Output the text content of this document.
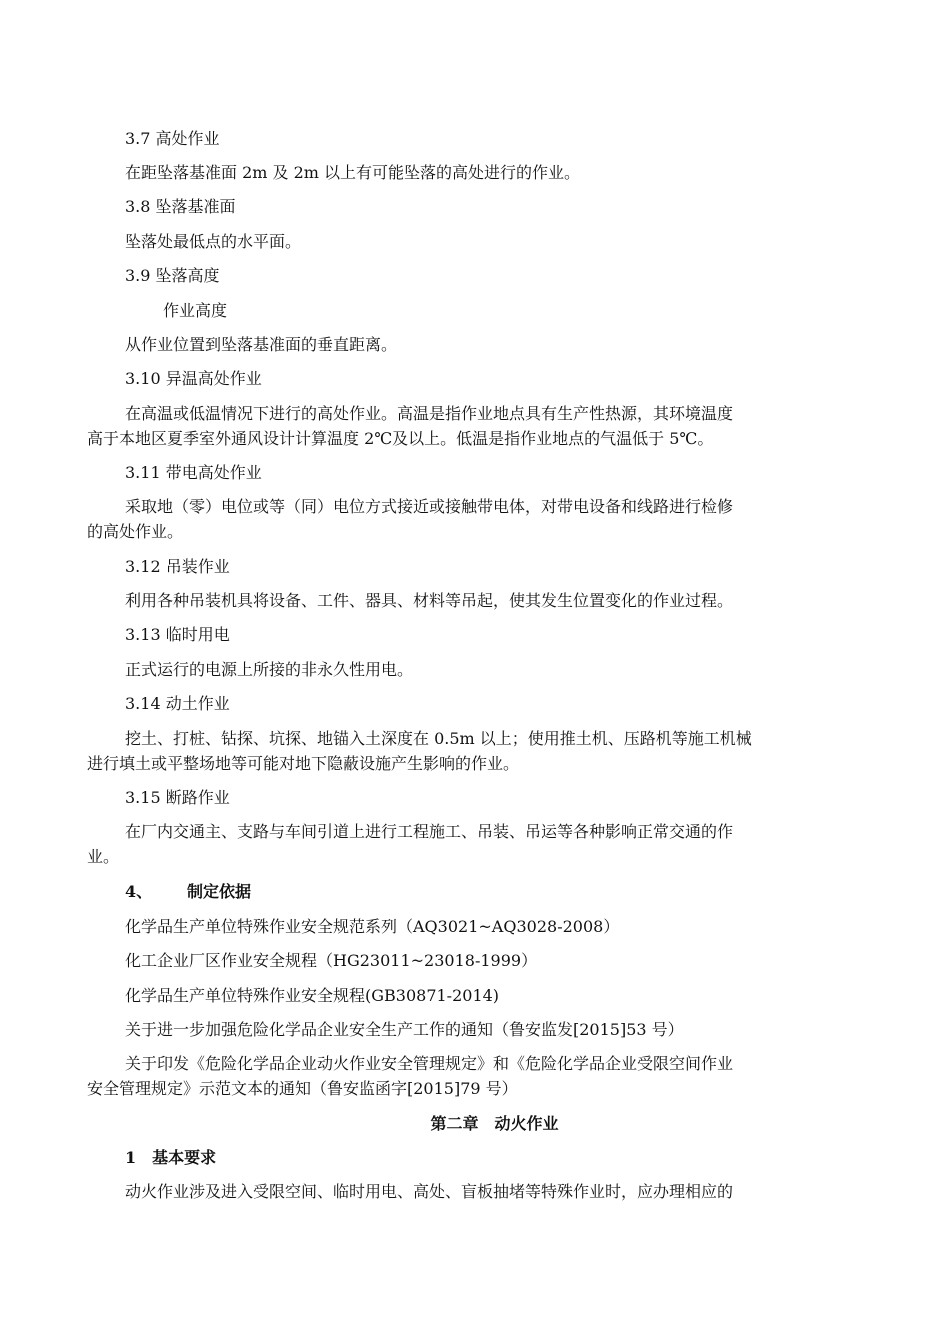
3.7 高处作业
在距坠落基准面 2m 及 2m 以上有可能坠落的高处进行的作业。
3.8 坠落基准面
坠落处最低点的水平面。
3.9 坠落高度
作业高度
从作业位置到坠落基准面的垂直距离。
3.10 异温高处作业
在高温或低温情况下进行的高处作业。高温是指作业地点具有生产性热源，其环境温度
高于本地区夏季室外通风设计计算温度 2℃及以上。低温是指作业地点的气温低于 5℃。
3.11 带电高处作业
采取地（零）电位或等（同）电位方式接近或接触带电体，对带电设备和线路进行检修
的高处作业。
3.12 吊装作业
利用各种吊装机具将设备、工件、器具、材料等吊起，使其发生位置变化的作业过程。
3.13 临时用电
正式运行的电源上所接的非永久性用电。
3.14 动土作业
挖土、打桩、钻探、坑探、地锚入土深度在 0.5m 以上；使用推土机、压路机等施工机械
进行填土或平整场地等可能对地下隐蔽设施产生影响的作业。
3.15 断路作业
在厂内交通主、支路与车间引道上进行工程施工、吊装、吊运等各种影响正常交通的作
业。
4、 制定依据
化学品生产单位特殊作业安全规范系列（AQ3021~AQ3028-2008）
化工企业厂区作业安全规程（HG23011~23018-1999）
化学品生产单位特殊作业安全规程(GB30871-2014)
关于进一步加强危险化学品企业安全生产工作的通知（鲁安监发[2015]53 号）
关于印发《危险化学品企业动火作业安全管理规定》和《危险化学品企业受限空间作业
安全管理规定》示范文本的通知（鲁安监函字[2015]79 号）
第二章　动火作业
1　基本要求
动火作业涉及进入受限空间、临时用电、高处、盲板抽堵等特殊作业时，应办理相应的
